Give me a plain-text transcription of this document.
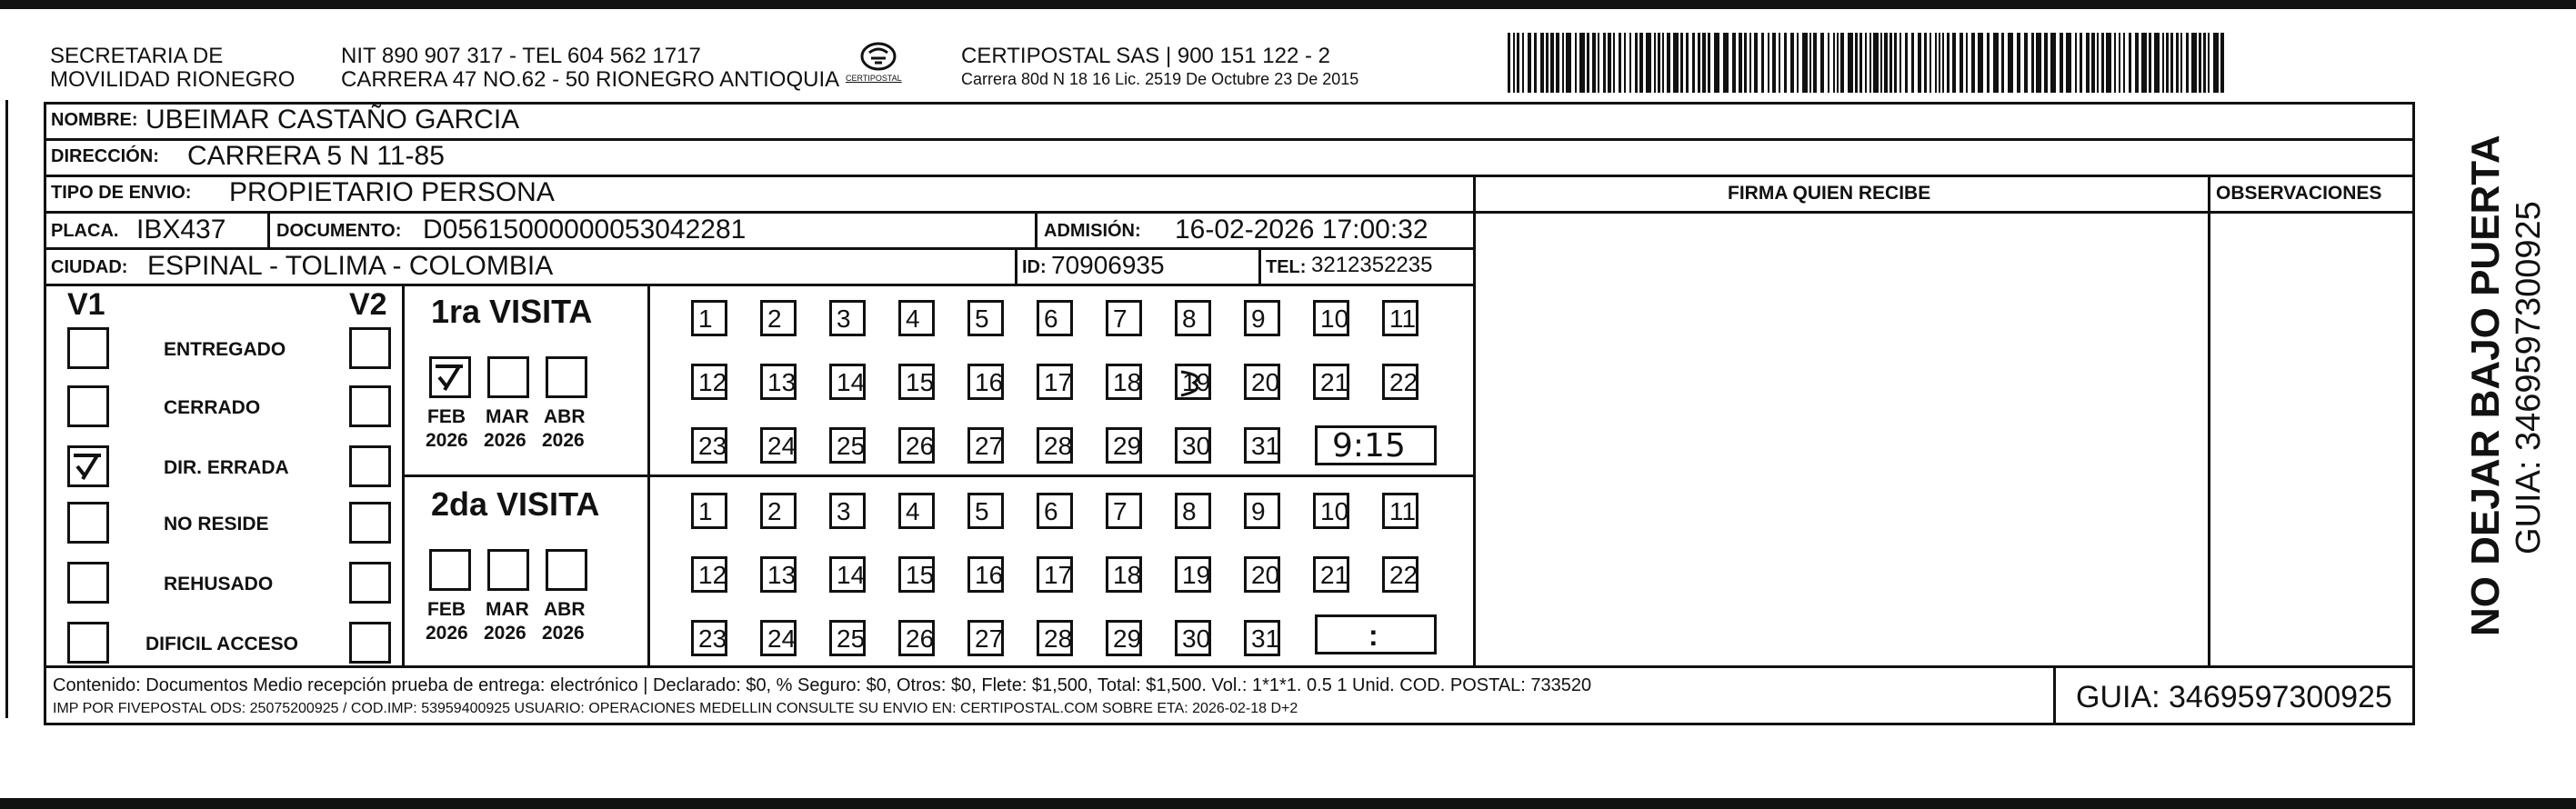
SECRETARIA DE
MOVILIDAD RIONEGRO
NIT 890 907 317 - TEL 604 562 1717
CARRERA 47 NO.62 - 50 RIONEGRO ANTIOQUIA CERTIPOSTAL
CERTIPOSTAL SAS | 900 151 122 - 2
Carrera 80d N 18 16 Lic. 2519 De Octubre 23 De 2015
NOMBRE: UBEIMAR CASTAÑO GARCIA
DIRECCIÓN: CARRERA 5 N 11-85
TIPO DE ENVIO: PROPIETARIO PERSONA	FIRMA QUIEN RECIBE	OBSERVACIONES
PLACA. IBX437	DOCUMENTO: D05615000000053042281	ADMISIÓN: 16-02-2026 17:00:32
CIUDAD: ESPINAL - TOLIMA - COLOMBIA	ID: 70906935	TEL: 3212352235
V1	V2 1ra VISITA
2da VISITA
9:15
:	NO DEJAR BAJO PUERTA GUIA: 3469597300925
Contenido: Documentos Medio recepción prueba de entrega: electrónico | Declarado: $0, % Seguro: $0, Otros: $0, Flete: $1,500, Total: $1,500. Vol.: 1*1*1. 0.5 1 Unid. COD. POSTAL: 733520
IMP POR FIVEPOSTAL ODS: 25075200925 / COD.IMP: 53959400925 USUARIO: OPERACIONES MEDELLIN CONSULTE SU ENVIO EN: CERTIPOSTAL.COM SOBRE ETA: 2026-02-18 D+2	GUIA: 3469597300925
ENTREGADO
CERRADO
DIR. ERRADA
NO RESIDE
REHUSADO
DIFICIL ACCESO
FEB
2026
MAR
2026
ABR
2026
FEB
2026
MAR
2026
ABR
2026
1	2	3	4	5	6	7	8	9	10 11
12 13 14 15 16 17 18 19 20 21 22
23 24 25 26 27 28 29 30 31
1	2	3	4	5	6	7	8	9	10 11
12 13 14 15 16 17 18 19 20 21 22
23 24 25 26 27 28 29 30 31
